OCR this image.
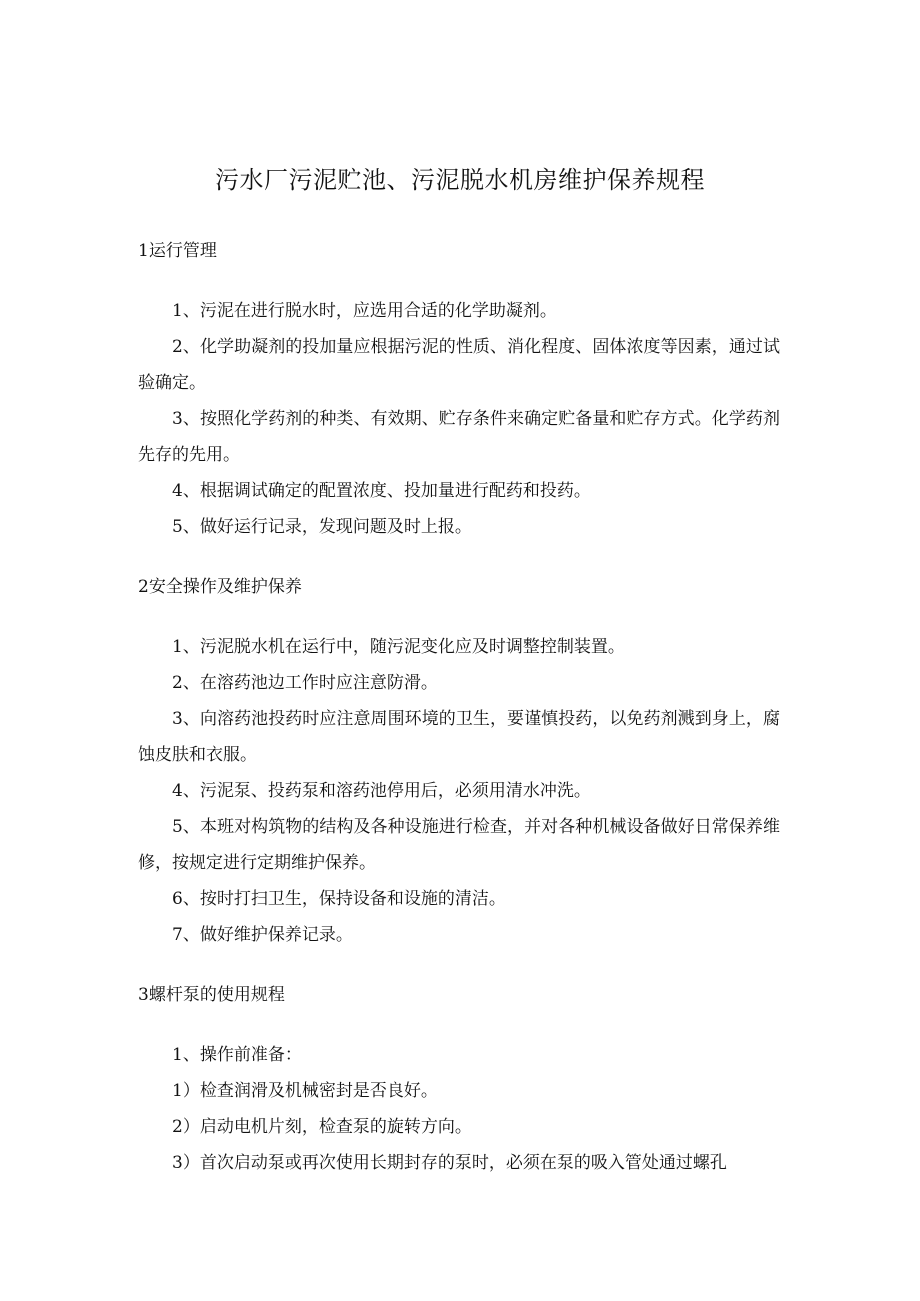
污水厂污泥贮池、污泥脱水机房维护保养规程
1运行管理

1、污泥在进行脱水时，应选用合适的化学助凝剂。

2、化学助凝剂的投加量应根据污泥的性质、消化程度、固体浓度等因素，通过试验确定。

3、按照化学药剂的种类、有效期、贮存条件来确定贮备量和贮存方式。化学药剂先存的先用。

4、根据调试确定的配置浓度、投加量进行配药和投药。

5、做好运行记录，发现问题及时上报。

2安全操作及维护保养

1、污泥脱水机在运行中，随污泥变化应及时调整控制装置。

2、在溶药池边工作时应注意防滑。

3、向溶药池投药时应注意周围环境的卫生，要谨慎投药，以免药剂溅到身上，腐蚀皮肤和衣服。

4、污泥泵、投药泵和溶药池停用后，必须用清水冲洗。

5、本班对构筑物的结构及各种设施进行检查，并对各种机械设备做好日常保养维修，按规定进行定期维护保养。

6、按时打扫卫生，保持设备和设施的清洁。

7、做好维护保养记录。

3螺杆泵的使用规程

1、操作前准备：

1）检查润滑及机械密封是否良好。

2）启动电机片刻，检查泵的旋转方向。

3）首次启动泵或再次使用长期封存的泵时，必须在泵的吸入管处通过螺孔
